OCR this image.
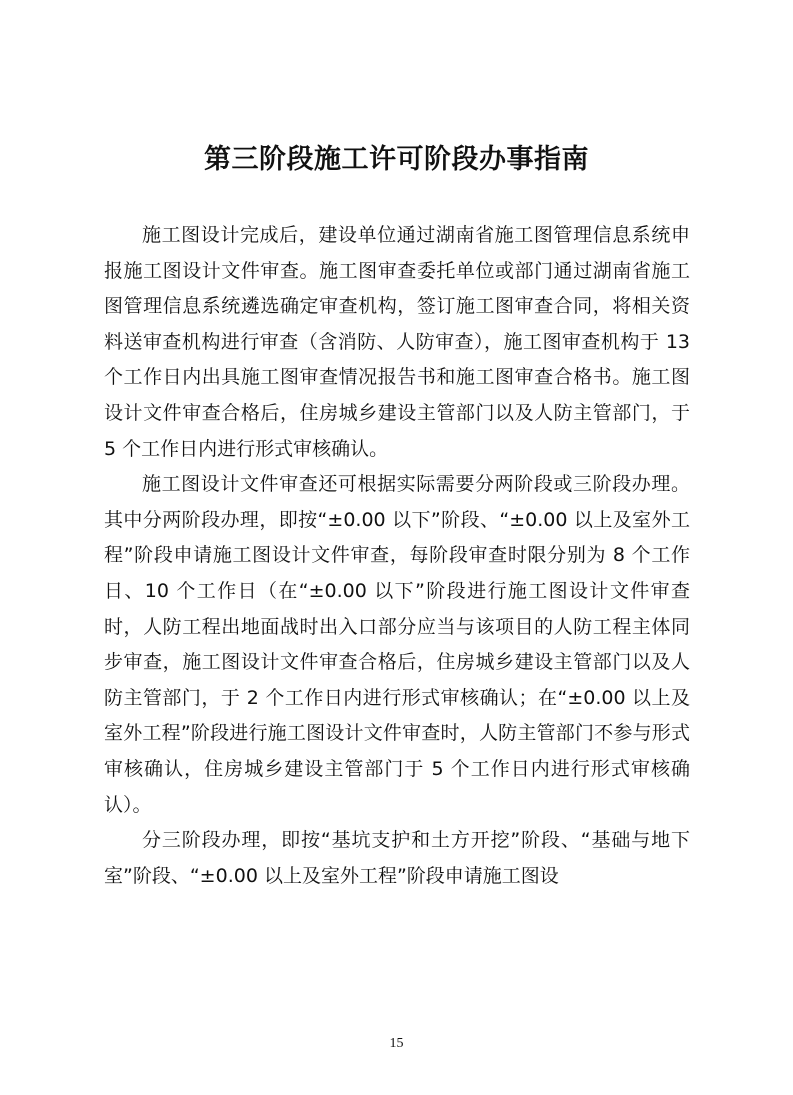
第三阶段施工许可阶段办事指南

施工图设计完成后，建设单位通过湖南省施工图管理信息系统申报施工图设计文件审查。施工图审查委托单位或部门通过湖南省施工图管理信息系统遴选确定审查机构，签订施工图审查合同，将相关资料送审查机构进行审查（含消防、人防审查），施工图审查机构于 13 个工作日内出具施工图审查情况报告书和施工图审查合格书。施工图设计文件审查合格后，住房城乡建设主管部门以及人防主管部门，于 5 个工作日内进行形式审核确认。

施工图设计文件审查还可根据实际需要分两阶段或三阶段办理。其中分两阶段办理，即按“±0.00 以下”阶段、“±0.00 以上及室外工程”阶段申请施工图设计文件审查，每阶段审查时限分别为 8 个工作日、10 个工作日（在“±0.00 以下”阶段进行施工图设计文件审查时，人防工程出地面战时出入口部分应当与该项目的人防工程主体同步审查，施工图设计文件审查合格后，住房城乡建设主管部门以及人防主管部门，于 2 个工作日内进行形式审核确认；在“±0.00 以上及室外工程”阶段进行施工图设计文件审查时，人防主管部门不参与形式审核确认，住房城乡建设主管部门于 5 个工作日内进行形式审核确认）。

分三阶段办理，即按“基坑支护和土方开挖”阶段、“基础与地下室”阶段、“±0.00 以上及室外工程”阶段申请施工图设

15
